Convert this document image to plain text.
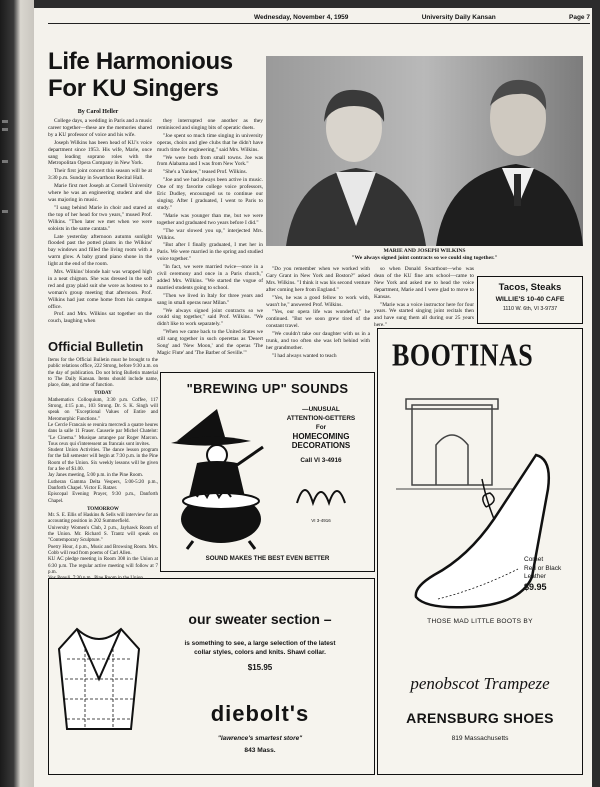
Wednesday, November 4, 1959	University Daily Kansan	Page 7
Life Harmonious
For KU Singers
By Carol Heller

College days, a wedding in Paris and a music career together—these are the memories shared by a KU professor of voice and his wife.

Joseph Wilkins has been head of KU's voice department since 1953. His wife, Marie, once sang leading soprano roles with the Metropolitan Opera Company in New York.

Their first joint concert this season will be at 3:30 p.m. Sunday in Swarthout Recital Hall.

Marie first met Joseph at Cornell University where he was an engineering student and she was majoring in music.

"I sang behind Marie in choir and stared at the top of her head for two years," mused Prof. Wilkins. "Then later we met when we were soloists in the same cantata."

Late yesterday afternoon autumn sunlight flooded past the potted plants in the Wilkins' bay windows and filled the living room with a warm glow. A baby grand piano shone in the light at the end of the room.

Mrs. Wilkins' blonde hair was wrapped high in a neat chignon. She was dressed in the soft red and gray plaid suit she wore as hostess to a woman's group meeting that afternoon. Prof. Wilkins had just come home from his campus office.

Prof. and Mrs. Wilkins sat together on the couch, laughing when

they interrupted one another as they reminisced and singing bits of operatic duets.

"Joe spent so much time singing in university operas, choirs and glee clubs that he didn't have much time for engineering," said Mrs. Wilkins.

"We were both from small towns. Joe was from Alabama and I was from New York."

"She's a Yankee," teased Prof. Wilkins.

"Joe and we had always been active in music. One of my favorite college voice professors, Eric Dudley, encouraged us to continue our singing. After I graduated, I went to Paris to study."

"Marie was younger than me, but we were together and graduated two years before I did."

"The war slowed you up," interjected Mrs. Wilkins.

"But after I finally graduated, I met her in Paris. We were married in the spring and studied voice together."

"In fact, we were married twice—once in a civil ceremony and once in a Paris church," added Mrs. Wilkins. "We started the vogue of married students going to school.

"Then we lived in Italy for three years and sang in small operas near Milan."

"We always signed joint contracts so we could sing together," said Prof. Wilkins. "We didn't like to work separately."

"When we came back to the United States we still sang together in such operettas as 'Desert Song' and 'New Moon,' and the operas 'The Magic Flute' and 'The Barber of Seville.'"

MARIE AND JOSEPH WILKINS
"We always signed joint contracts so we could sing together."

"Do you remember when we worked with Gary Grant in New York and Boston?" asked Mrs. Wilkins. "I think it was his second venture after coming here from England."

"Yes, he was a good fellow to work with, wasn't he," answered Prof. Wilkins.

"Yes, our opera life was wonderful," he continued. "But we soon grew tired of the constant travel.

"We couldn't take our daughter with us in a trunk, and too often she was left behind with her grandmother.

"I had always wanted to teach

so when Donald Swarthout—who was dean of the KU fine arts school—came to New York and asked me to head the voice department, Marie and I were glad to move to Kansas.

"Marie was a voice instructor here for four years. We started singing joint recitals then and have sung them all during our 25 years here."

Official Bulletin

Items for the Official Bulletin must be brought to the public relations office, 222 Strong, before 9:30 a.m. on the day of publication. Do not bring Bulletin material to The Daily Kansan. Items should include name, place, date, and time of function.

TODAY

Mathematics Colloquium, 3:30 p.m. Coffee, 117 Strong, 4:15 p.m., 103 Strong. Dr. S. K. Singh will speak on "Exceptional Values of Entire and Meromorphic Functions."

Le Cercle Francais se reunira mercredi a quatre heures dans la salle 11 Fraser. Causerie par Michel Chatelot: "Le Cinema." Musique arrangee par Roger Marcon. Tous ceux qui s'interessent au francais sont invites.

Student Union Activities. The dance lesson program for the fall semester will begin at 7:30 p.m. in the Pine Room of the Union. Six weekly lessons will be given for a fee of $1.00.

Jay Janes meeting, 5:00 p.m. in the Pine Room.

Lutheran Gamma Delta Vespers, 5:00-5:20 p.m., Danforth Chapel. Victor E. Ratzer.

Episcopal Evening Prayer, 9:30 p.m., Danforth Chapel.

TOMORROW

Mr. S. E. Ellis of Haskins & Sells will interview for an accounting position in 202 Summerfield.

University Women's Club, 2 p.m., Jayhawk Room of the Union. Mr. Richard S. Trantz will speak on "Contemporary Sculpture."

Poetry Hour, 4 p.m., Music and Browsing Room. Mrs. Cobb will read from poems of Carl Allen.

KU AC pledge meeting in Room 308 in the Union at 6:30 p.m. The regular active meeting will follow at 7 p.m.

Tacos, Steaks
WILLIE'S 10-40 CAFE
1110 W. 6th, VI 3-9737
"BREWING UP" SOUNDS
—UNUSUAL
ATTENTION-GETTERS
For
HOMECOMING
DECORATIONS
Call VI 3-4916
VI 3-4916
SOUND MAKES THE BEST EVEN BETTER
BOOTINAS
Comet
Red or Black
Leather
$9.95
THOSE MAD LITTLE BOOTS BY
penobscot Trampeze
ARENSBURG SHOES
819 Massachusetts
our sweater section –
is something to see, a large selection of the latest
collar styles, colors and knits. Shawl collar.
$15.95
diebolt's
"lawrence's smartest store"
843 Mass.
